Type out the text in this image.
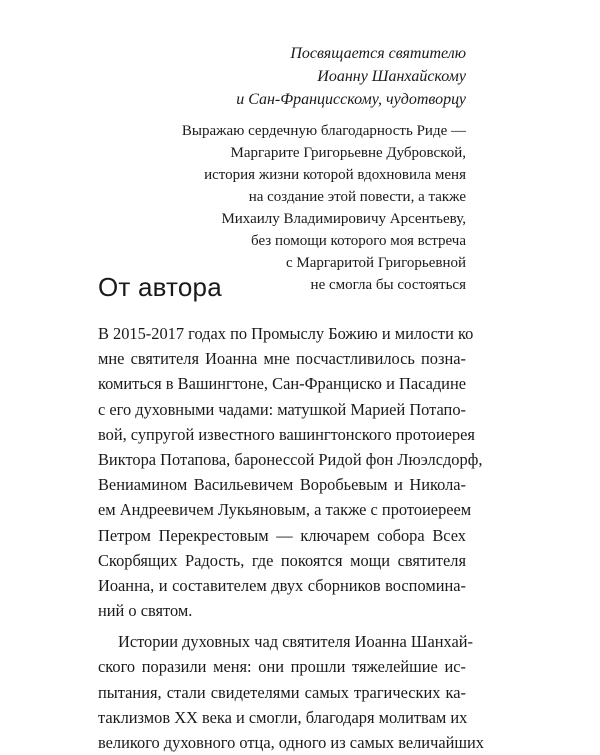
Посвящается святителю
Иоанну Шанхайскому
и Сан-Францисскому, чудотворцу
Выражаю сердечную благодарность Риде —
Маргарите Григорьевне Дубровской,
история жизни которой вдохновила меня
на создание этой повести, а также
Михаилу Владимировичу Арсентьеву,
без помощи которого моя встреча
с Маргаритой Григорьевной
не смогла бы состояться
От автора
В 2015-2017 годах по Промыслу Божию и милости ко
мне святителя Иоанна мне посчастливилось позна-
комиться в Вашингтоне, Сан-Франциско и Пасадине
с его духовными чадами: матушкой Марией Потапо-
вой, супругой известного вашингтонского протоиерея
Виктора Потапова, баронессой Ридой фон Люэлсдорф,
Вениамином Васильевичем Воробьевым и Никола-
ем Андреевичем Лукьяновым, а также с протоиереем
Петром Перекрестовым — ключарем собора Всех
Скорбящих Радость, где покоятся мощи святителя
Иоанна, и составителем двух сборников воспомина-
ний о святом.
Истории духовных чад святителя Иоанна Шанхай-
ского поразили меня: они прошли тяжелейшие ис-
пытания, стали свидетелями самых трагических ка-
таклизмов XX века и смогли, благодаря молитвам их
великого духовного отца, одного из самых величайших
